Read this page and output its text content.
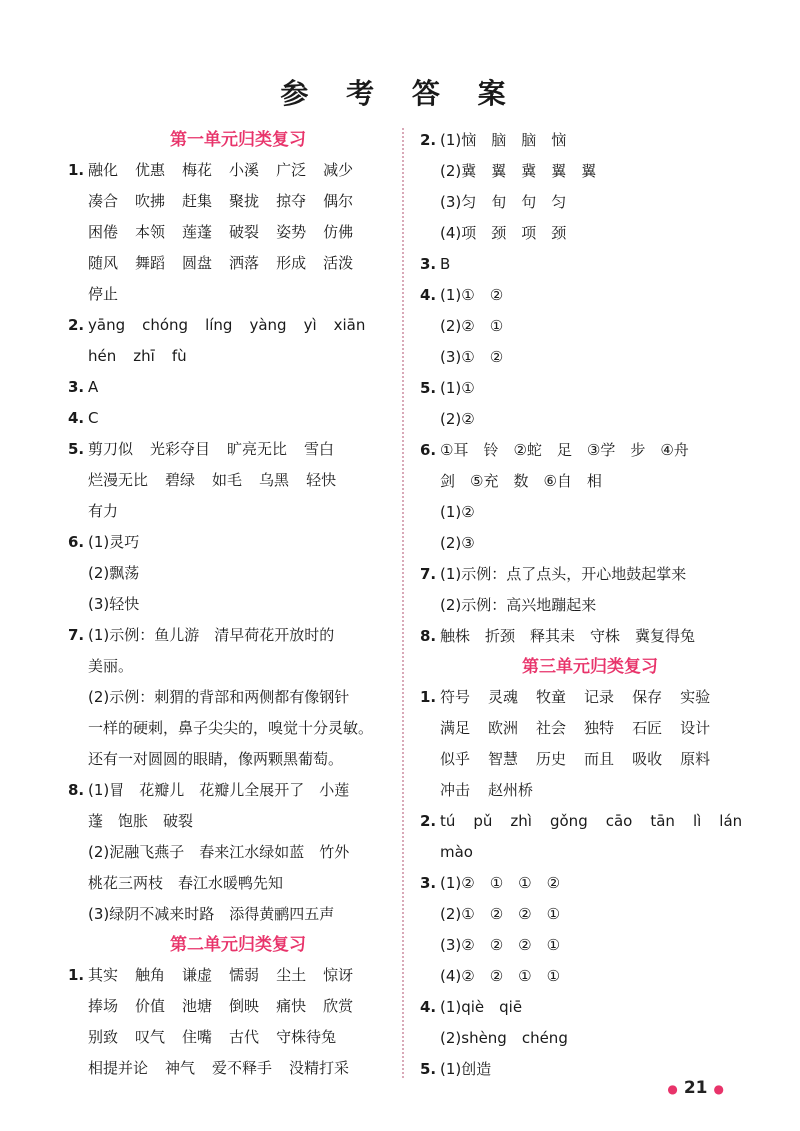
参 考 答 案
第一单元归类复习
1. 融化 优惠 梅花 小溪 广泛 减少
凑合 吹拂 赶集 聚拢 掠夺 偶尔
困倦 本领 莲蓬 破裂 姿势 仿佛
随风 舞蹈 圆盘 洒落 形成 活泼
停止
2. yāng chóng líng yàng yì xiān
hén zhī fù
3. A
4. C
5. 剪刀似 光彩夺目 旷亮无比 雪白
烂漫无比 碧绿 如毛 乌黑 轻快
有力
6. (1)灵巧
(2)飘荡
(3)轻快
7. (1)示例：鱼儿游　清早荷花开放时的
美丽。
(2)示例：刺猬的背部和两侧都有像钢针
一样的硬刺，鼻子尖尖的，嗅觉十分灵敏。
还有一对圆圆的眼睛，像两颗黑葡萄。
8. (1)冒　花瓣儿　花瓣儿全展开了　小莲
蓬　饱胀　破裂
(2)泥融飞燕子　春来江水绿如蓝　竹外
桃花三两枝　春江水暖鸭先知
(3)绿阴不减来时路　添得黄鹂四五声
第二单元归类复习
1. 其实 触角 谦虚 懦弱 尘土 惊讶
捧场 价值 池塘 倒映 痛快 欣赏
别致 叹气 住嘴 古代 守株待兔
相提并论 神气 爱不释手 没精打采
2. (1)恼　脑　脑　恼
(2)冀　翼　冀　翼　翼
(3)匀　旬　句　匀
(4)项　颈　项　颈
3. B
4. (1)①　②
(2)②　①
(3)①　②
5. (1)①
(2)②
6. ①耳　铃　②蛇　足　③学　步　④舟
剑　⑤充　数　⑥自　相
(1)②
(2)③
7. (1)示例：点了点头，开心地鼓起掌来
(2)示例：高兴地蹦起来
8. 触株　折颈　释其耒　守株　冀复得兔
第三单元归类复习
1. 符号 灵魂 牧童 记录 保存 实验
满足 欧洲 社会 独特 石匠 设计
似乎 智慧 历史 而且 吸收 原料
冲击 赵州桥
2. tú pǔ zhì gǒng cāo tān lì lán
mào
3. (1)②　①　①　②
(2)①　②　②　①
(3)②　②　②　①
(4)②　②　①　①
4. (1)qiè　qiē
(2)shèng　chéng
5. (1)创造
● 21 ●
